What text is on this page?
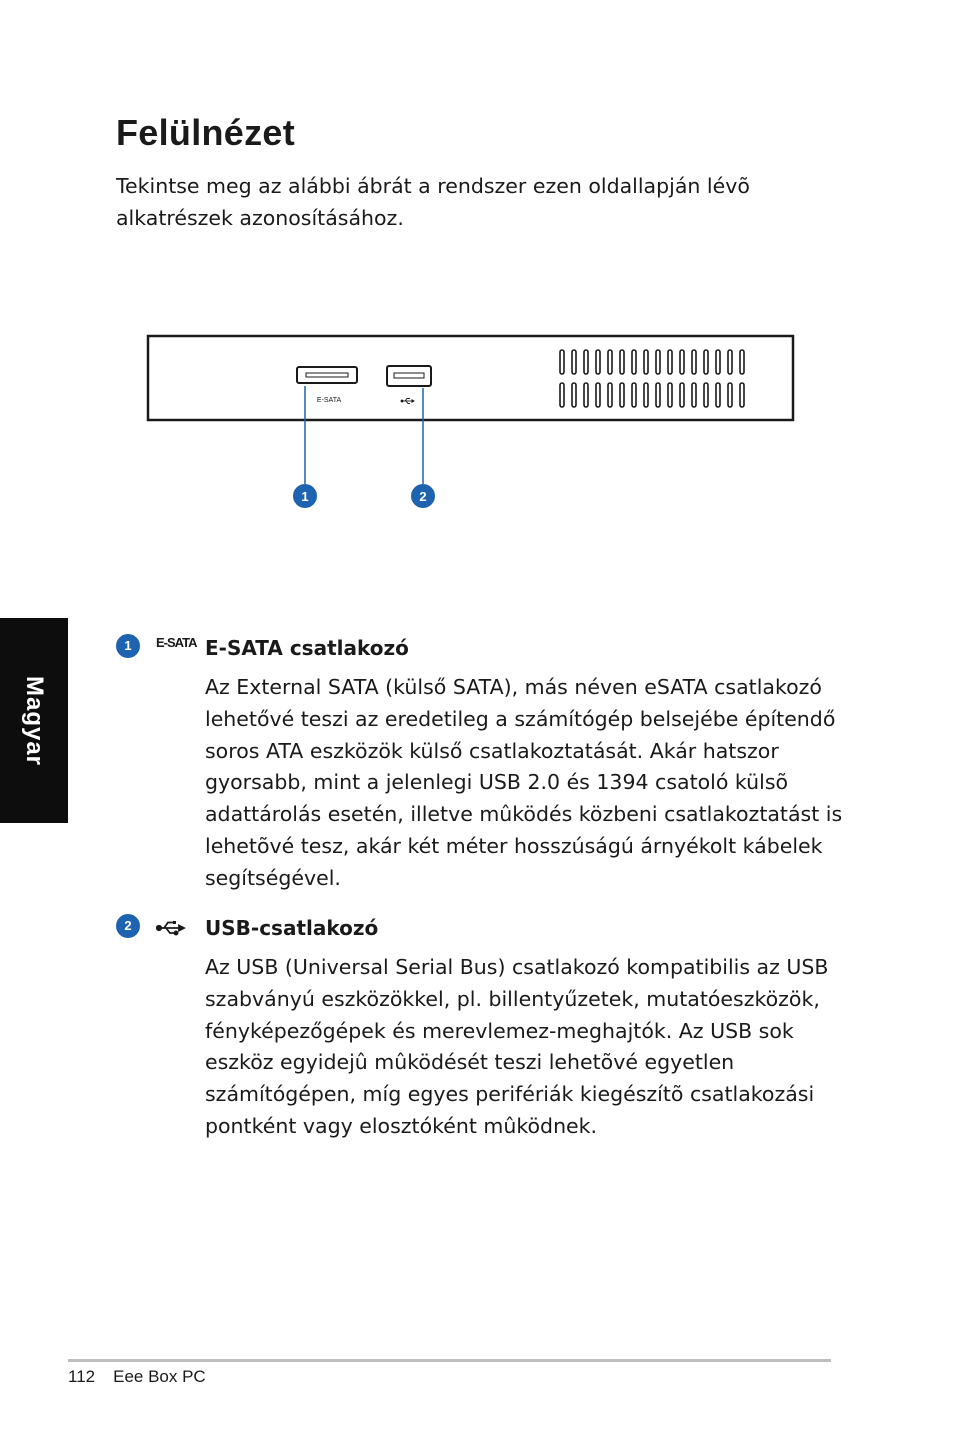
Felülnézet

Tekintse meg az alábbi ábrát a rendszer ezen oldallapján lévõ alkatrészek azonosításához.

E-SATA
1	2
Magyar
1	E-SATA E-SATA csatlakozó

Az External SATA (külső SATA), más néven eSATA csatlakozó lehetővé teszi az eredetileg a számítógép belsejébe építendő soros ATA eszközök külső csatlakoztatását. Akár hatszor gyorsabb, mint a jelenlegi USB 2.0 és 1394 csatoló külsõ adattárolás esetén, illetve mûködés közbeni csatlakoztatást is lehetõvé tesz, akár két méter hosszúságú árnyékolt kábelek segítségével.

2	USB-csatlakozó

Az USB (Universal Serial Bus) csatlakozó kompatibilis az USB szabványú eszközökkel, pl. billentyűzetek, mutatóeszközök, fényképezőgépek és merevlemez-meghajtók. Az USB sok eszköz egyidejû mûködését teszi lehetõvé egyetlen számítógépen, míg egyes perifériák kiegészítõ csatlakozási pontként vagy elosztóként mûködnek.

112 Eee Box PC
